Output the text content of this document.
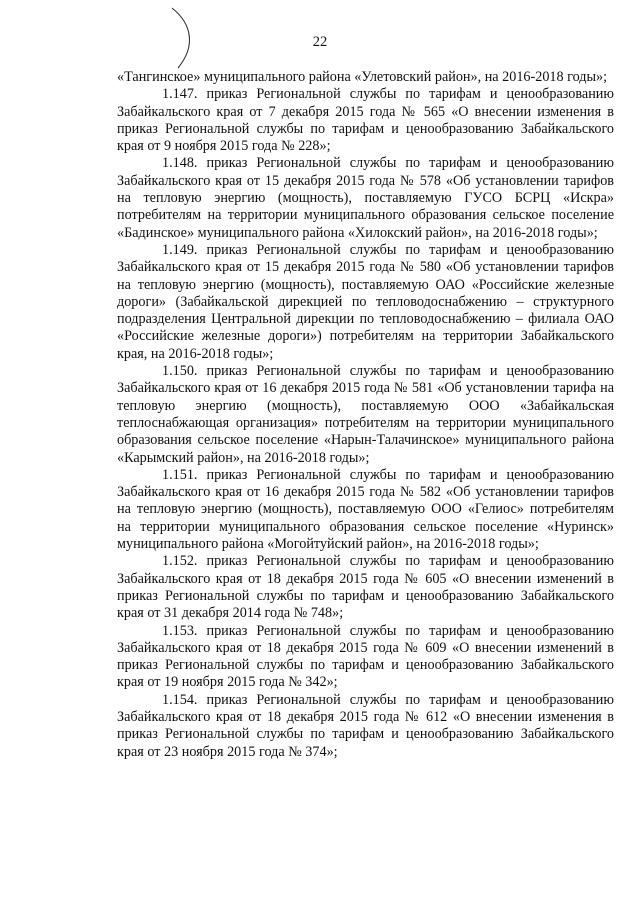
22

«Тангинское» муниципального района «Улетовский район», на 2016-2018 годы»;

1.147. приказ Региональной службы по тарифам и ценообразованию Забайкальского края от 7 декабря 2015 года № 565 «О внесении изменения в приказ Региональной службы по тарифам и ценообразованию Забайкальского края от 9 ноября 2015 года № 228»;

1.148. приказ Региональной службы по тарифам и ценообразованию Забайкальского края от 15 декабря 2015 года № 578 «Об установлении тарифов на тепловую энергию (мощность), поставляемую ГУСО БСРЦ «Искра» потребителям на территории муниципального образования сельское поселение «Бадинское» муниципального района «Хилокский район», на 2016-2018 годы»;

1.149. приказ Региональной службы по тарифам и ценообразованию Забайкальского края от 15 декабря 2015 года № 580 «Об установлении тарифов на тепловую энергию (мощность), поставляемую ОАО «Российские железные дороги» (Забайкальской дирекцией по тепловодоснабжению – структурного подразделения Центральной дирекции по тепловодоснабжению – филиала ОАО «Российские железные дороги») потребителям на территории Забайкальского края, на 2016-2018 годы»;

1.150. приказ Региональной службы по тарифам и ценообразованию Забайкальского края от 16 декабря 2015 года № 581 «Об установлении тарифа на тепловую энергию (мощность), поставляемую ООО «Забайкальская теплоснабжающая организация» потребителям на территории муниципального образования сельское поселение «Нарын-Талачинское» муниципального района «Карымский район», на 2016-2018 годы»;

1.151. приказ Региональной службы по тарифам и ценообразованию Забайкальского края от 16 декабря 2015 года № 582 «Об установлении тарифов на тепловую энергию (мощность), поставляемую ООО «Гелиос» потребителям на территории муниципального образования сельское поселение «Нуринск» муниципального района «Могойтуйский район», на 2016-2018 годы»;

1.152. приказ Региональной службы по тарифам и ценообразованию Забайкальского края от 18 декабря 2015 года № 605 «О внесении изменений в приказ Региональной службы по тарифам и ценообразованию Забайкальского края от 31 декабря 2014 года № 748»;

1.153. приказ Региональной службы по тарифам и ценообразованию Забайкальского края от 18 декабря 2015 года № 609 «О внесении изменений в приказ Региональной службы по тарифам и ценообразованию Забайкальского края от 19 ноября 2015 года № 342»;

1.154. приказ Региональной службы по тарифам и ценообразованию Забайкальского края от 18 декабря 2015 года № 612 «О внесении изменения в приказ Региональной службы по тарифам и ценообразованию Забайкальского края от 23 ноября 2015 года № 374»;
